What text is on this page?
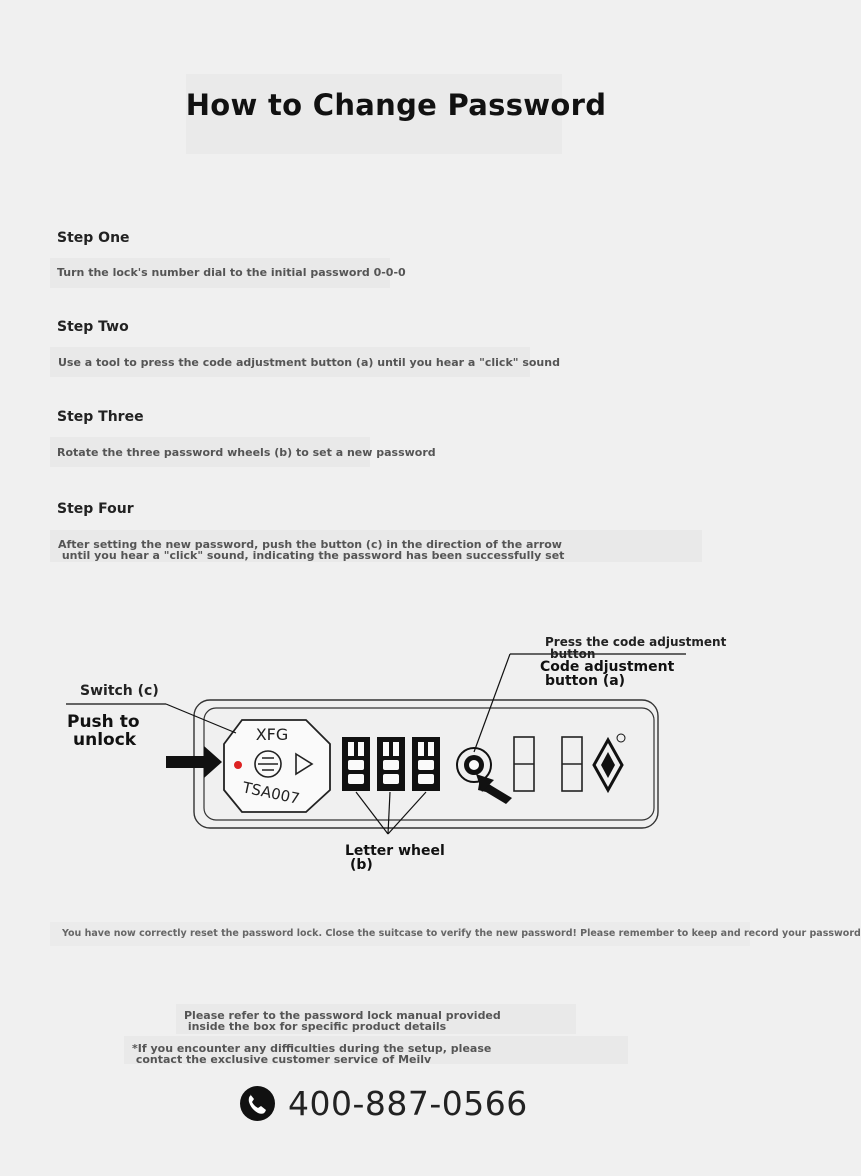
How to Change Password
Step One
Turn the lock's number dial to the initial password 0-0-0
Step Two
Use a tool to press the code adjustment button (a) until you hear a "click" sound
Step Three
Rotate the three password wheels (b) to set a new password
Step Four
After setting the new password, push the button (c) in the direction of the arrow
until you hear a "click" sound, indicating the password has been successfully set
XFG
TSA007
Press the code adjustment
button
Code adjustment
button (a)
Switch (c)
Push to
unlock
Letter wheel
(b)
You have now correctly reset the password lock. Close the suitcase to verify the new password! Please remember to keep and record your password
Please refer to the password lock manual provided
inside the box for specific product details
*If you encounter any difficulties during the setup, please
contact the exclusive customer service of Meilv
400-887-0566
